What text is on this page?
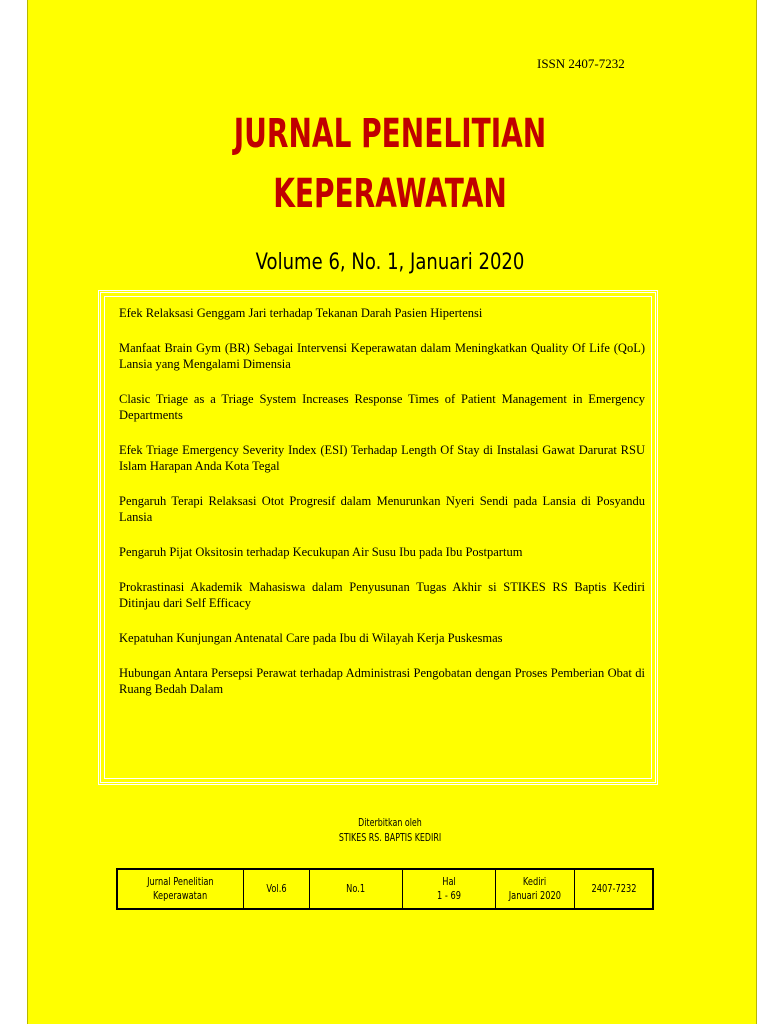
ISSN 2407-7232
JURNAL PENELITIAN
KEPERAWATAN
Volume 6, No. 1, Januari 2020
Efek Relaksasi Genggam Jari terhadap Tekanan Darah Pasien Hipertensi
Manfaat Brain Gym (BR) Sebagai Intervensi Keperawatan dalam Meningkatkan Quality Of Life (QoL) Lansia yang Mengalami Dimensia
Clasic Triage as a Triage System Increases Response Times of Patient Management in Emergency Departments
Efek Triage Emergency Severity Index (ESI) Terhadap Length Of Stay di Instalasi Gawat Darurat RSU Islam Harapan Anda Kota Tegal
Pengaruh Terapi Relaksasi Otot Progresif dalam Menurunkan Nyeri Sendi pada Lansia di Posyandu Lansia
Pengaruh Pijat Oksitosin terhadap Kecukupan Air Susu Ibu pada Ibu Postpartum
Prokrastinasi Akademik Mahasiswa dalam Penyusunan Tugas Akhir si STIKES RS Baptis Kediri Ditinjau dari Self Efficacy
Kepatuhan Kunjungan Antenatal Care pada Ibu di Wilayah Kerja Puskesmas
Hubungan Antara Persepsi Perawat terhadap Administrasi Pengobatan dengan Proses Pemberian Obat di Ruang Bedah Dalam
Diterbitkan oleh
STIKES RS. BAPTIS KEDIRI
Jurnal Penelitian
Keperawatan
Vol.6	No.1
Hal
1 - 69
Kediri
Januari 2020
2407-7232
